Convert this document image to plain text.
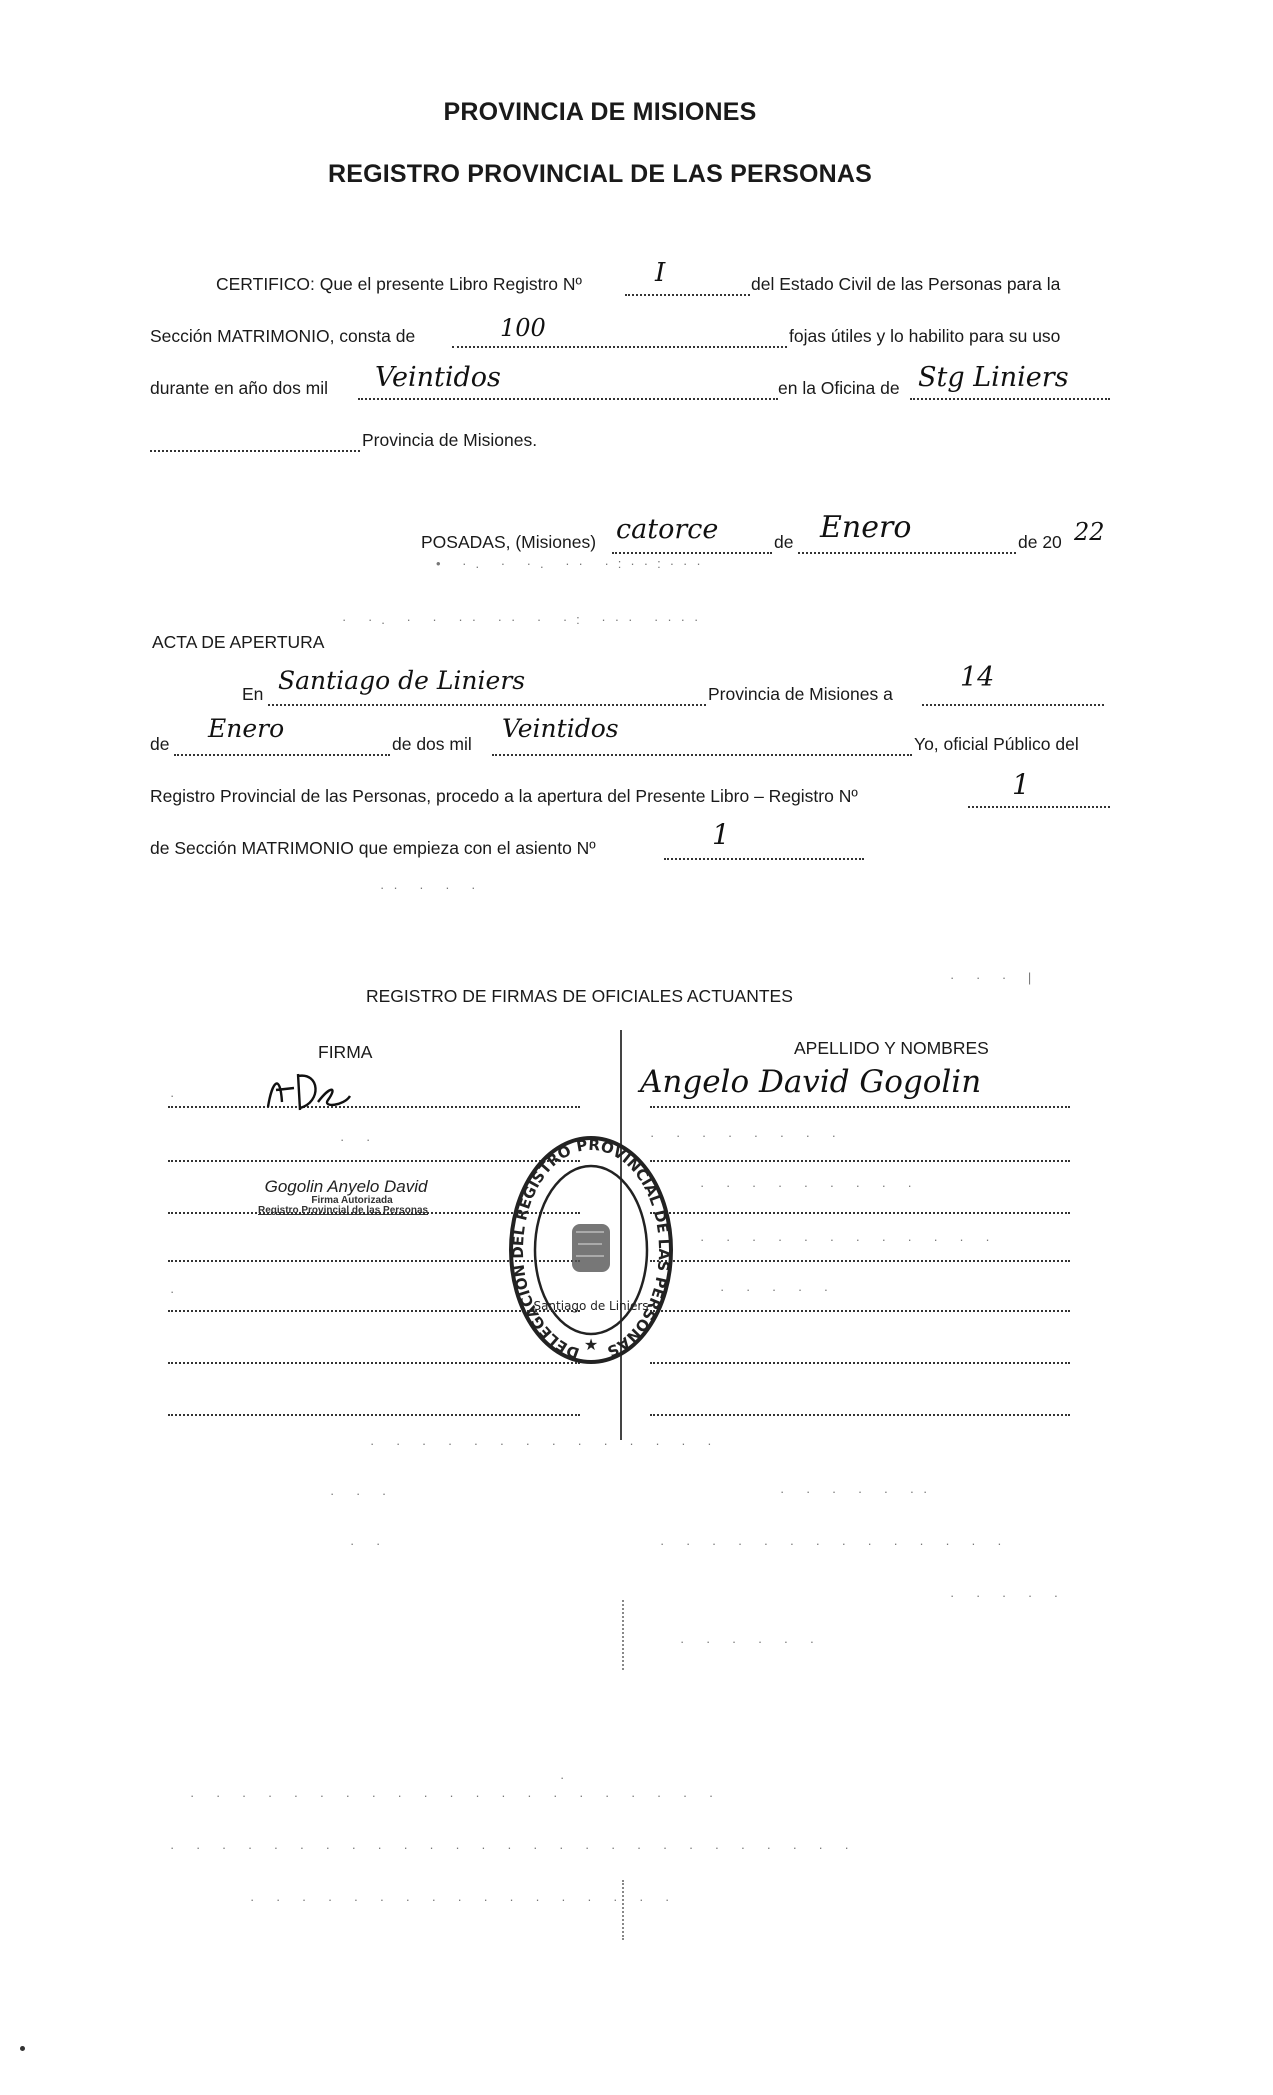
PROVINCIA DE MISIONES
REGISTRO PROVINCIAL DE LAS PERSONAS
CERTIFICO: Que el presente Libro Registro Nº	I	del Estado Civil de las Personas para la
Sección MATRIMONIO, consta de	100	fojas útiles y lo habilito para su uso
durante en año dos mil Veintidos	en la Oficina de Stg Liniers
Provincia de Misiones.
POSADAS, (Misiones) catorce	de Enero	de 20 22
• ·. · ·. ·· ·:··:···
· ·. · · ·· ·· · ·: ··· ····
ACTA DE APERTURA
En Santiago de Liniers	Provincia de Misiones a
14
de
Enero
de dos mil
Veintidos
Yo, oficial Público del
Registro Provincial de las Personas, procedo a la apertura del Presente Libro – Registro Nº	1
de Sección MATRIMONIO que empieza con el asiento Nº	1
·· · · ·
· · · |
REGISTRO DE FIRMAS DE OFICIALES ACTUANTES
FIRMA	APELLIDO Y NOMBRES
Angelo David Gogolin
Gogolin Anyelo David
Firma Autorizada
Registro Provincial de las Personas
DELEGACION DEL REGISTRO PROVINCIAL DE LAS PERSONAS
Santiago de Liniers
★
·
· ·	· · · · · · · ·
· · · · · · · · ·
· · · · · · · · · · · ·
· · · · ·
·
· · · · · · · · · · · · · ·
· · · · · ··
· · ·
· ·	· · · · · · · · · · · · · ·
· · · · ·
· · · · · ·
·
· · · · · · · · · · · · · · · · · · · · ·
· · · · · · · · · · · · · · · · · · · · · · · · · · ·
· · · · · · · · · · · · · · · · ·
